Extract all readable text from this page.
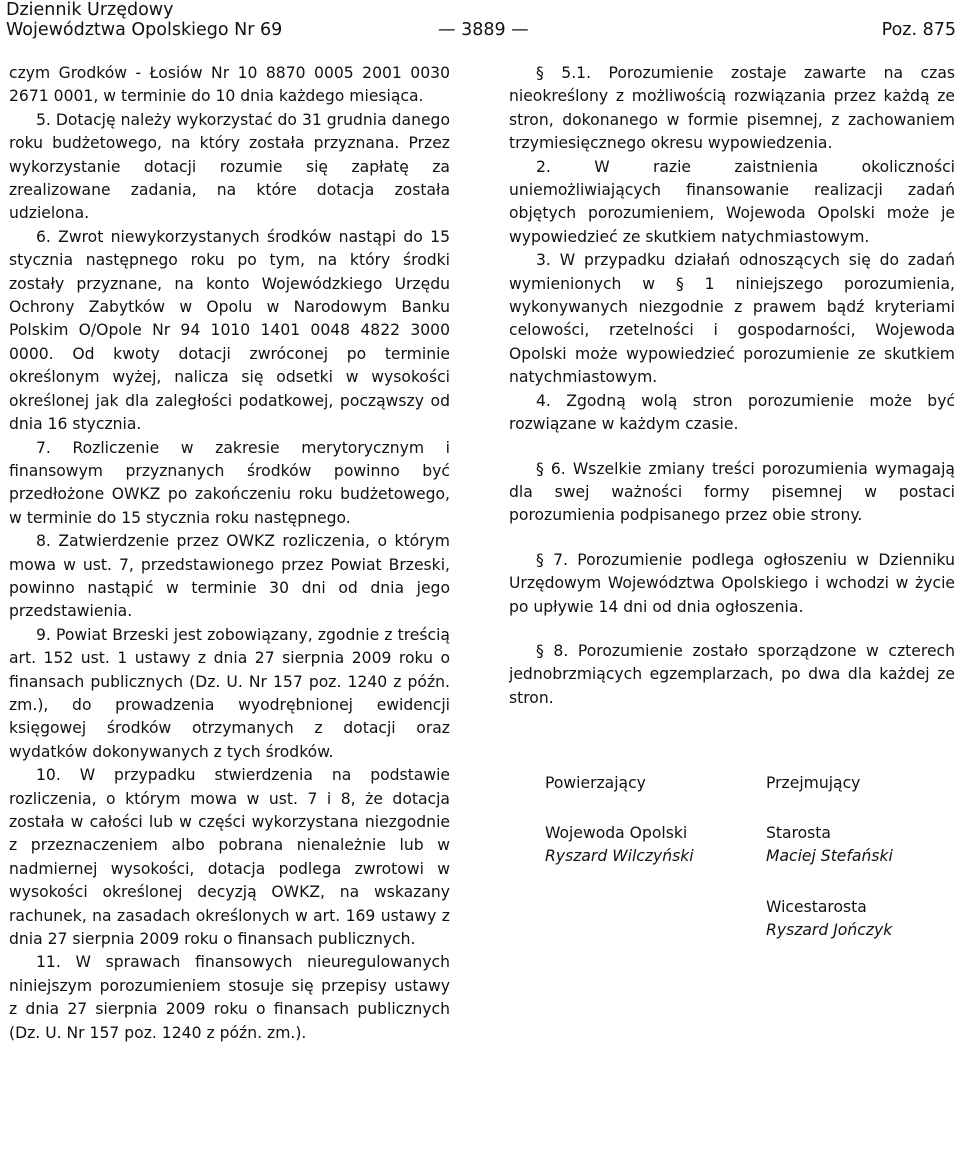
Dziennik Urzędowy
Województwa Opolskiego Nr 69	— 3889 —	Poz. 875

czym Grodków - Łosiów Nr 10 8870 0005 2001 0030 2671 0001, w terminie do 10 dnia każdego miesiąca.

5. Dotację należy wykorzystać do 31 grudnia danego roku budżetowego, na który została przyznana. Przez wykorzystanie dotacji rozumie się zapłatę za zrealizowane zadania, na które dotacja została udzielona.

6. Zwrot niewykorzystanych środków nastąpi do 15 stycznia następnego roku po tym, na który środki zostały przyznane, na konto Wojewódzkiego Urzędu Ochrony Zabytków w Opolu w Narodowym Banku Polskim O/Opole Nr 94 1010 1401 0048 4822 3000 0000. Od kwoty dotacji zwróconej po terminie określonym wyżej, nalicza się odsetki w wysokości określonej jak dla zaległości podatkowej, począwszy od dnia 16 stycznia.

7. Rozliczenie w zakresie merytorycznym i finansowym przyznanych środków powinno być przedłożone OWKZ po zakończeniu roku budżetowego, w terminie do 15 stycznia roku następnego.

8. Zatwierdzenie przez OWKZ rozliczenia, o którym mowa w ust. 7, przedstawionego przez Powiat Brzeski, powinno nastąpić w terminie 30 dni od dnia jego przedstawienia.

9. Powiat Brzeski jest zobowiązany, zgodnie z treścią art. 152 ust. 1 ustawy z dnia 27 sierpnia 2009 roku o finansach publicznych (Dz. U. Nr 157 poz. 1240 z późn. zm.), do prowadzenia wyodrębnionej ewidencji księgowej środków otrzymanych z dotacji oraz wydatków dokonywanych z tych środków.

10. W przypadku stwierdzenia na podstawie rozliczenia, o którym mowa w ust. 7 i 8, że dotacja została w całości lub w części wykorzystana niezgodnie z przeznaczeniem albo pobrana nienależnie lub w nadmiernej wysokości, dotacja podlega zwrotowi w wysokości określonej decyzją OWKZ, na wskazany rachunek, na zasadach określonych w art. 169 ustawy z dnia 27 sierpnia 2009 roku o finansach publicznych.

11. W sprawach finansowych nieuregulowanych niniejszym porozumieniem stosuje się przepisy ustawy z dnia 27 sierpnia 2009 roku o finansach publicznych (Dz. U. Nr 157 poz. 1240 z późn. zm.).

§ 5.1. Porozumienie zostaje zawarte na czas nieokreślony z możliwością rozwiązania przez każdą ze stron, dokonanego w formie pisemnej, z zachowaniem trzymiesięcznego okresu wypowiedzenia.

2. W razie zaistnienia okoliczności uniemożliwiających finansowanie realizacji zadań objętych porozumieniem, Wojewoda Opolski może je wypowiedzieć ze skutkiem natychmiastowym.

3. W przypadku działań odnoszących się do zadań wymienionych w § 1 niniejszego porozumienia, wykonywanych niezgodnie z prawem bądź kryteriami celowości, rzetelności i gospodarności, Wojewoda Opolski może wypowiedzieć porozumienie ze skutkiem natychmiastowym.

4. Zgodną wolą stron porozumienie może być rozwiązane w każdym czasie.

§ 6. Wszelkie zmiany treści porozumienia wymagają dla swej ważności formy pisemnej w postaci porozumienia podpisanego przez obie strony.

§ 7. Porozumienie podlega ogłoszeniu w Dzienniku Urzędowym Województwa Opolskiego i wchodzi w życie po upływie 14 dni od dnia ogłoszenia.

§ 8. Porozumienie zostało sporządzone w czterech jednobrzmiących egzemplarzach, po dwa dla każdej ze stron.

Powierzający
Wojewoda Opolski
Ryszard Wilczyński
Przejmujący
Starosta
Maciej Stefański
Wicestarosta
Ryszard Jończyk
